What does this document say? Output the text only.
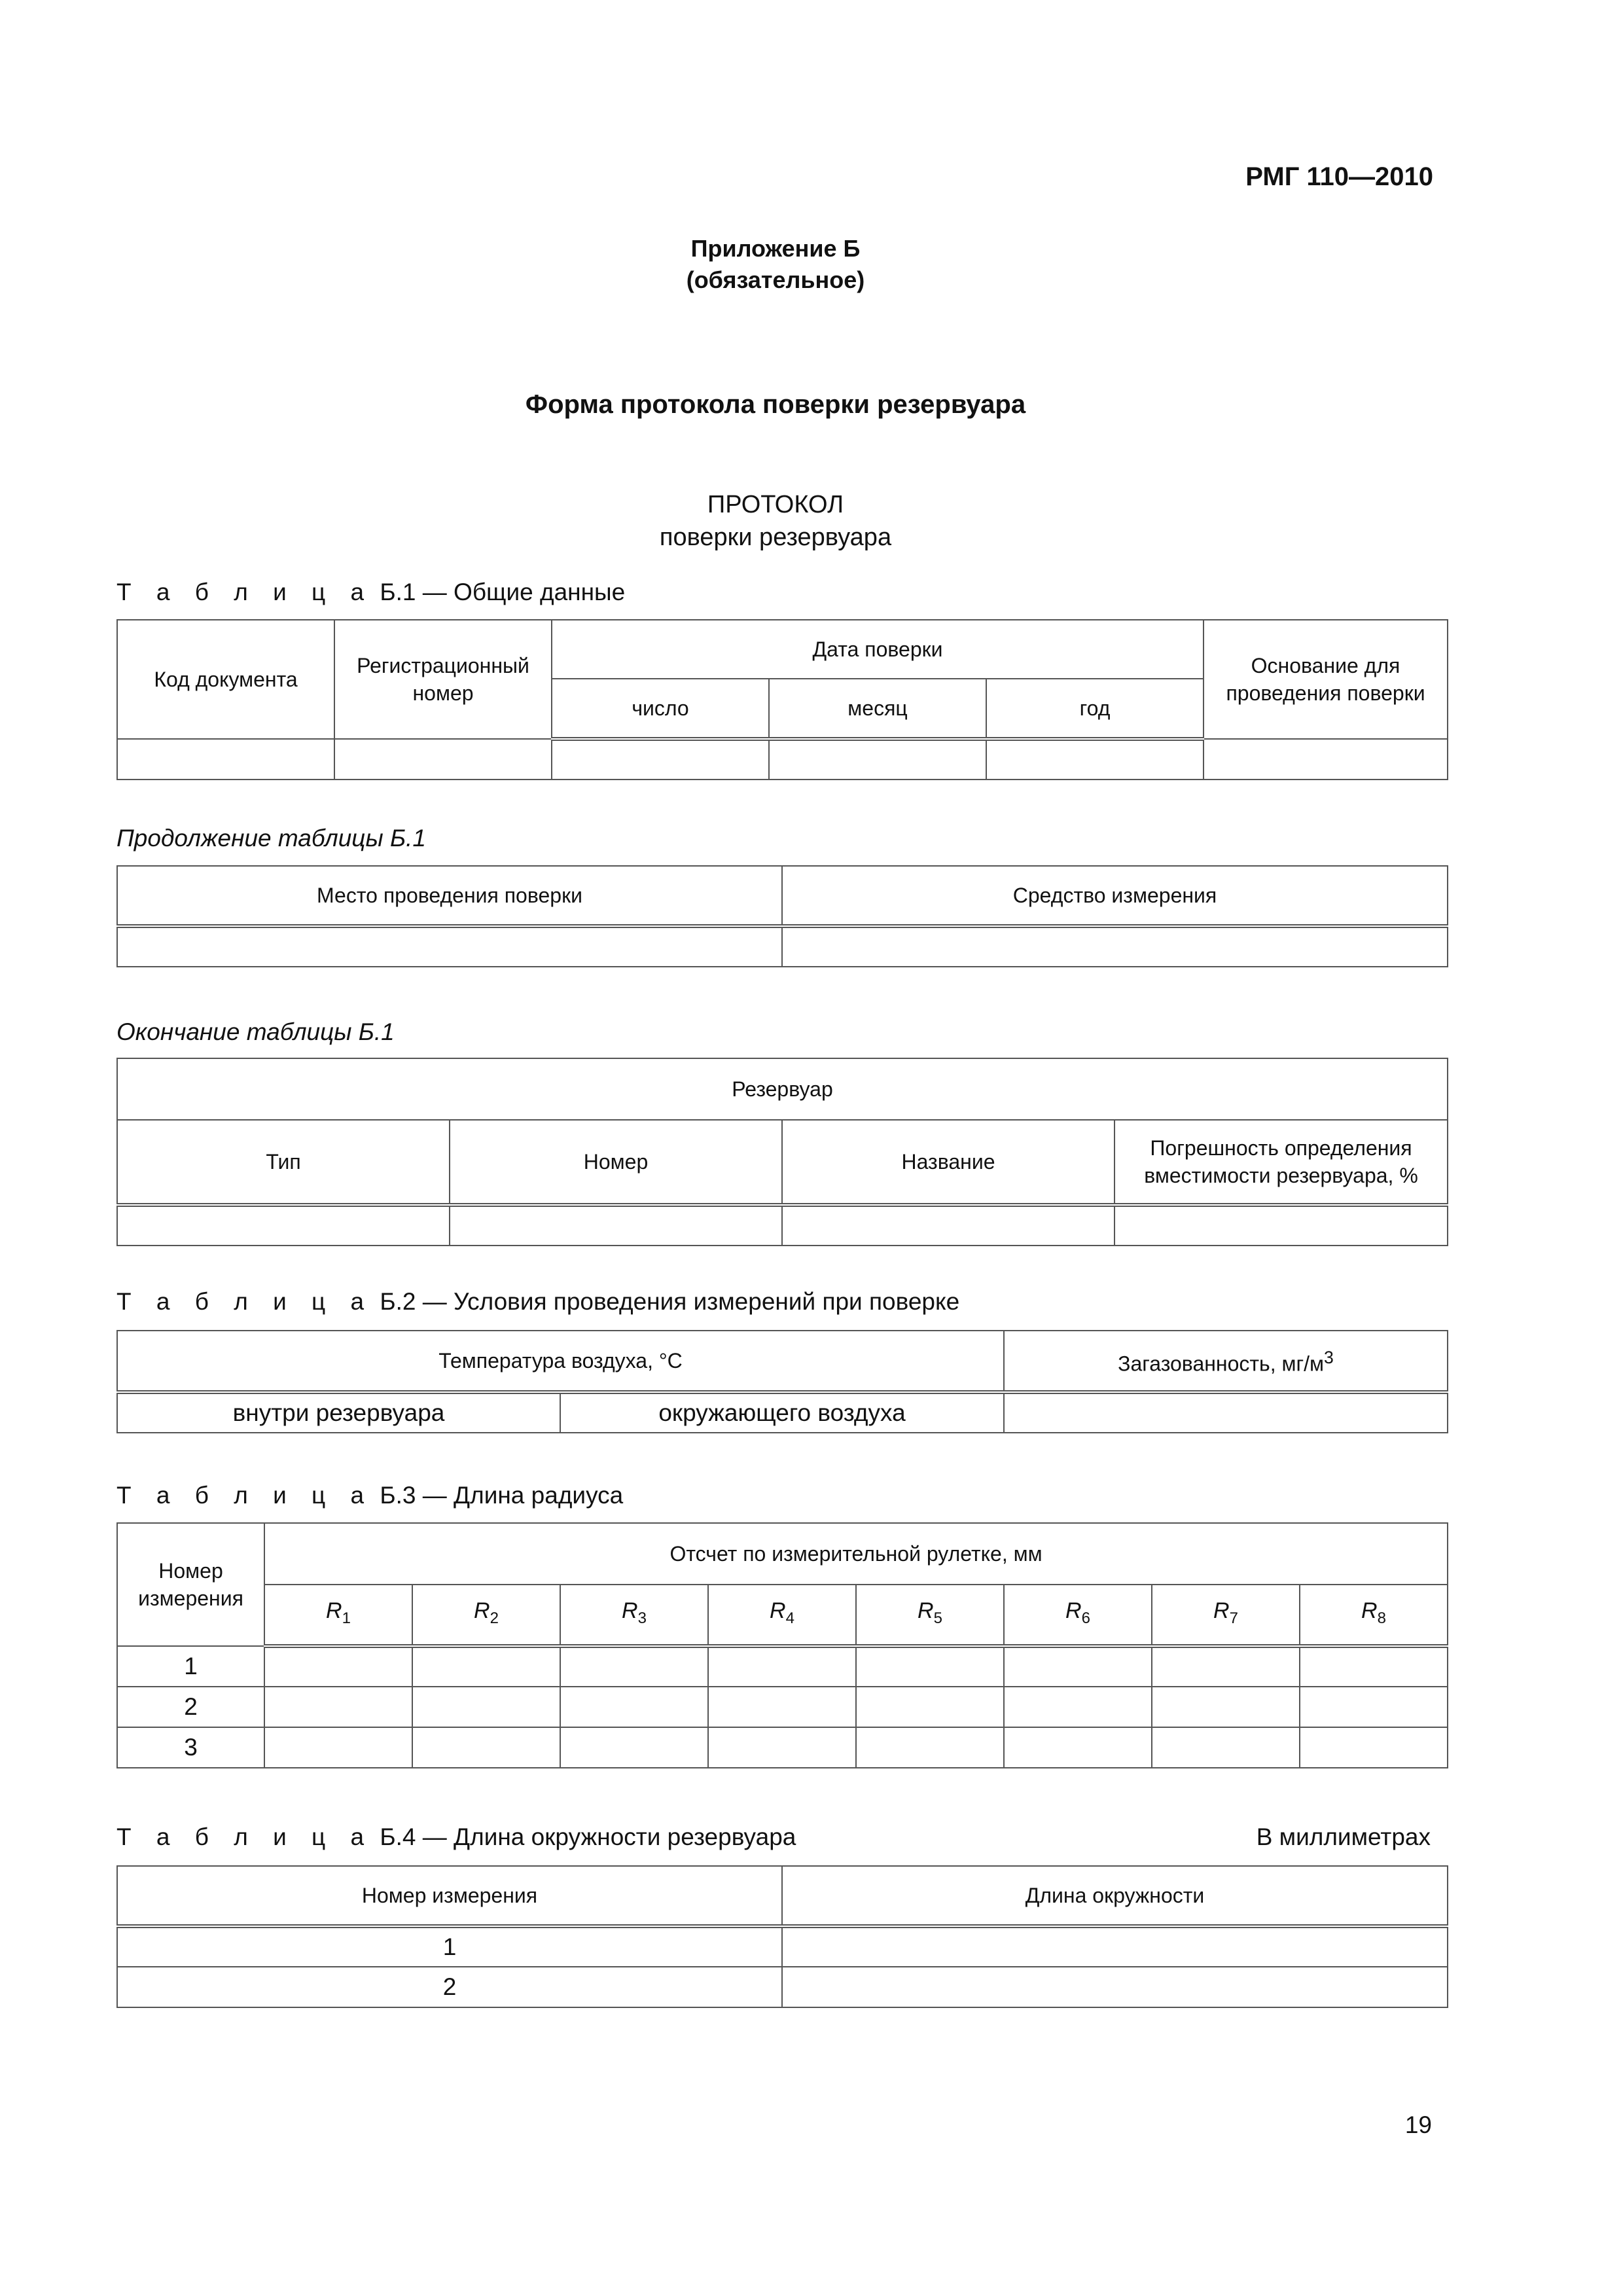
РМГ 110—2010
Приложение Б
(обязательное)
Форма протокола поверки резервуара
ПРОТОКОЛ
поверки резервуара
Т а б л и ц а Б.1 — Общие данные
Код документа	Регистрационный номер	Дата поверки			Основание для проведения поверки
		число	месяц	год	

Продолжение таблицы Б.1
Место проведения поверки	Средство измерения

Окончание таблицы Б.1
Резервуар			
Тип	Номер	Название	Погрешность определения вместимости резервуара, %

Т а б л и ц а Б.2 — Условия проведения измерений при поверке
Температура воздуха, °С		Загазованность, $мг/м^3$
внутри резервуара	окружающего воздуха	
Т а б л и ц а Б.3 — Длина радиуса
Номер измерения	Отсчет по измерительной рулетке, мм							
	$R_1$	$R_2$	$R_3$	$R_4$	$R_5$	$R_6$	$R_7$	$R_8$
1								
2								
3								
Т а б л и ц а Б.4 — Длина окружности резервуара	В миллиметрах
Номер измерения	Длина окружности
1	
2	
19
